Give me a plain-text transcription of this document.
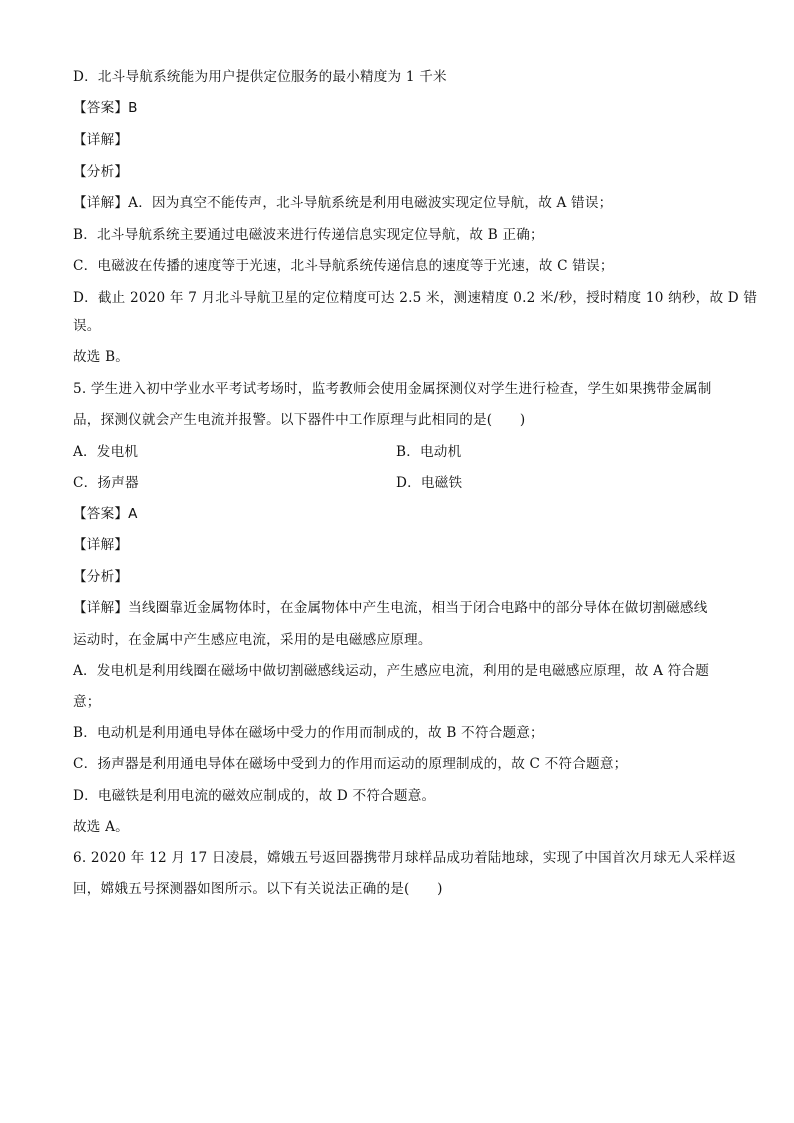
D．北斗导航系统能为用户提供定位服务的最小精度为 1 千米
【答案】B
【详解】
【分析】
【详解】A．因为真空不能传声，北斗导航系统是利用电磁波实现定位导航，故 A 错误；
B．北斗导航系统主要通过电磁波来进行传递信息实现定位导航，故 B 正确；
C．电磁波在传播的速度等于光速，北斗导航系统传递信息的速度等于光速，故 C 错误；
D．截止 2020 年 7 月北斗导航卫星的定位精度可达 2.5 米，测速精度 0.2 米/秒，授时精度 10 纳秒，故 D 错
误。
故选 B。
5. 学生进入初中学业水平考试考场时，监考教师会使用金属探测仪对学生进行检查，学生如果携带金属制
品，探测仪就会产生电流并报警。以下器件中工作原理与此相同的是(　　)
A．发电机	B．电动机
C．扬声器	D．电磁铁
【答案】A
【详解】
【分析】
【详解】当线圈靠近金属物体时，在金属物体中产生电流，相当于闭合电路中的部分导体在做切割磁感线
运动时，在金属中产生感应电流，采用的是电磁感应原理。
A．发电机是利用线圈在磁场中做切割磁感线运动，产生感应电流，利用的是电磁感应原理，故 A 符合题
意；
B．电动机是利用通电导体在磁场中受力的作用而制成的，故 B 不符合题意；
C．扬声器是利用通电导体在磁场中受到力的作用而运动的原理制成的，故 C 不符合题意；
D．电磁铁是利用电流的磁效应制成的，故 D 不符合题意。
故选 A。
6. 2020 年 12 月 17 日凌晨，嫦娥五号返回器携带月球样品成功着陆地球，实现了中国首次月球无人采样返
回，嫦娥五号探测器如图所示。以下有关说法正确的是(　　)
